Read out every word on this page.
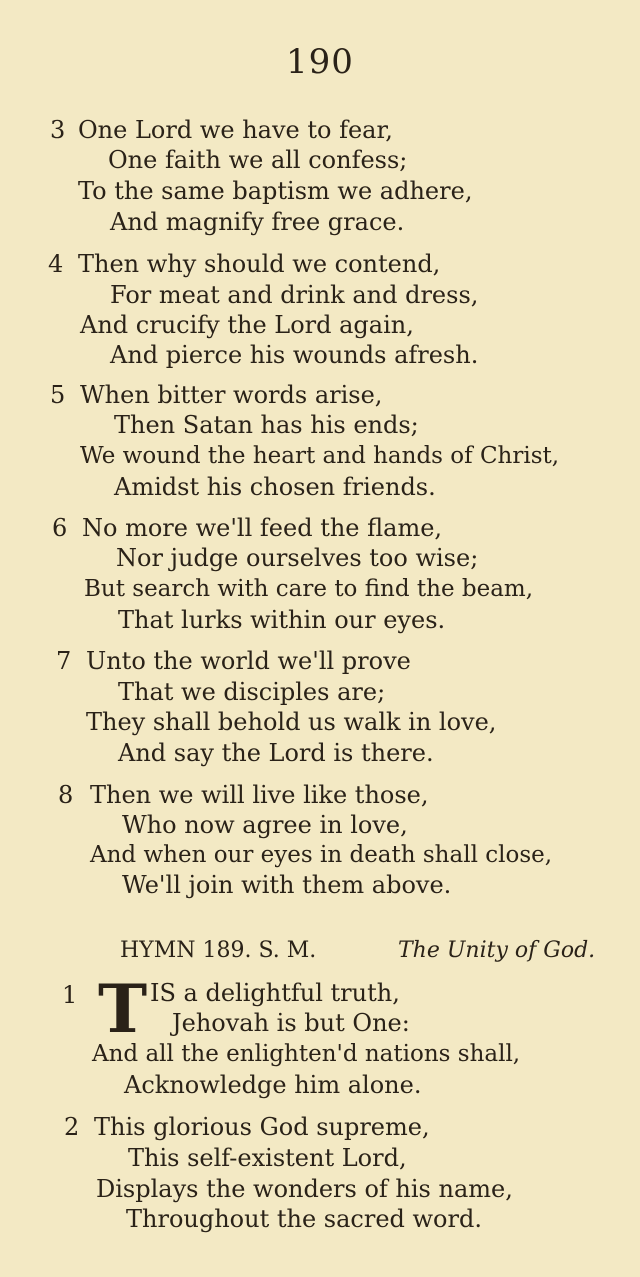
190
3 One Lord we have to fear,
One faith we all confess;
To the same baptism we adhere,
And magnify free grace.
4 Then why should we contend,
For meat and drink and dress,
And crucify the Lord again,
And pierce his wounds afresh.
5 When bitter words arise,
Then Satan has his ends;
We wound the heart and hands of Christ,
Amidst his chosen friends.
6 No more we'll feed the flame,
Nor judge ourselves too wise;
But search with care to find the beam,
That lurks within our eyes.
7 Unto the world we'll prove
That we disciples are;
They shall behold us walk in love,
And say the Lord is there.
8 Then we will live like those,
Who now agree in love,
And when our eyes in death shall close,
We'll join with them above.
HYMN 189. S. M.	The Unity of God.
1 T IS a delightful truth,
Jehovah is but One:
And all the enlighten'd nations shall,
Acknowledge him alone.
2 This glorious God supreme,
This self-existent Lord,
Displays the wonders of his name,
Throughout the sacred word.
